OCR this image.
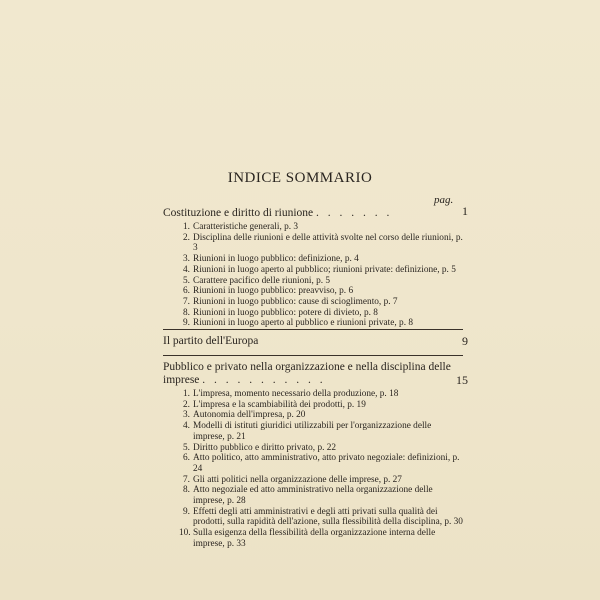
INDICE SOMMARIO
pag.
Costituzione e diritto di riunione . . . . . . .	1
1. Caratteristiche generali, p. 3
2. Disciplina delle riunioni e delle attività svolte nel corso delle riunioni, p. 3
3. Riunioni in luogo pubblico: definizione, p. 4
4. Riunioni in luogo aperto al pubblico; riunioni private: definizione, p. 5
5. Carattere pacifico delle riunioni, p. 5
6. Riunioni in luogo pubblico: preavviso, p. 6
7. Riunioni in luogo pubblico: cause di scioglimento, p. 7
8. Riunioni in luogo pubblico: potere di divieto, p. 8
9. Riunioni in luogo aperto al pubblico e riunioni private, p. 8
Il partito dell'Europa	9
Pubblico e privato nella organizzazione e nella disciplina delle imprese . . . . . . . . . . .	15
1. L'impresa, momento necessario della produzione, p. 18
2. L'impresa e la scambiabilità dei prodotti, p. 19
3. Autonomia dell'impresa, p. 20
4. Modelli di istituti giuridici utilizzabili per l'organizzazione delle imprese, p. 21
5. Diritto pubblico e diritto privato, p. 22
6. Atto politico, atto amministrativo, atto privato negoziale: definizioni, p. 24
7. Gli atti politici nella organizzazione delle imprese, p. 27
8. Atto negoziale ed atto amministrativo nella organizzazione delle imprese, p. 28
9. Effetti degli atti amministrativi e degli atti privati sulla qualità dei prodotti, sulla rapidità dell'azione, sulla flessibilità della disciplina, p. 30
10. Sulla esigenza della flessibilità della organizzazione interna delle imprese, p. 33
